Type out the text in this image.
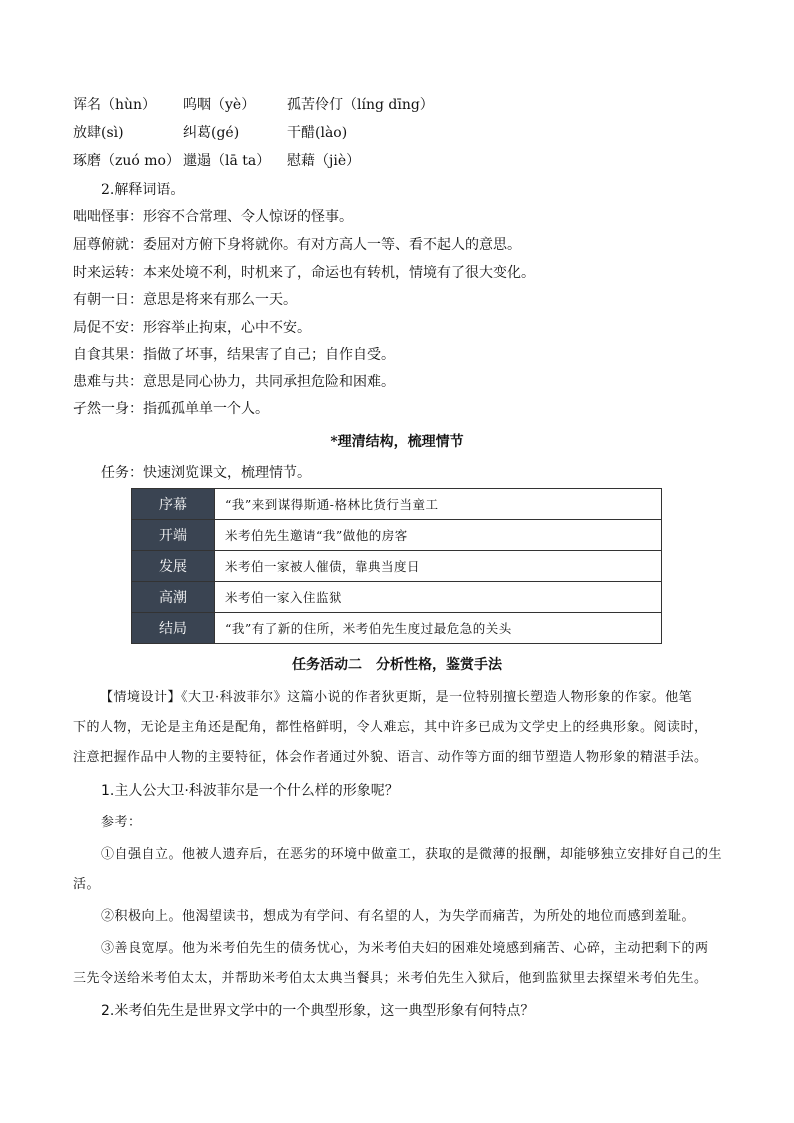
诨名（hùn） 呜咽（yè） 孤苦伶仃（líng dīng）
放肆(sì)	纠葛(gé)	干醋(lào)
琢磨（zuó mo） 邋遢（lā ta） 慰藉（jiè）
2.解释词语。
咄咄怪事：形容不合常理、令人惊讶的怪事。
屈尊俯就：委屈对方俯下身将就你。有对方高人一等、看不起人的意思。
时来运转：本来处境不利，时机来了，命运也有转机，情境有了很大变化。
有朝一日：意思是将来有那么一天。
局促不安：形容举止拘束，心中不安。
自食其果：指做了坏事，结果害了自己；自作自受。
患难与共：意思是同心协力，共同承担危险和困难。
孑然一身：指孤孤单单一个人。
*理清结构，梳理情节
任务：快速浏览课文，梳理情节。
序幕	“我”来到谋得斯通-格林比货行当童工
开端	米考伯先生邀请“我”做他的房客
发展	米考伯一家被人催债，靠典当度日
高潮	米考伯一家入住监狱
结局	“我”有了新的住所，米考伯先生度过最危急的关头
任务活动二　分析性格，鉴赏手法
【情境设计】《大卫·科波菲尔》这篇小说的作者狄更斯，是一位特别擅长塑造人物形象的作家。他笔
下的人物，无论是主角还是配角，都性格鲜明，令人难忘，其中许多已成为文学史上的经典形象。阅读时，
注意把握作品中人物的主要特征，体会作者通过外貌、语言、动作等方面的细节塑造人物形象的精湛手法。
1.主人公大卫·科波菲尔是一个什么样的形象呢？
参考：
①自强自立。他被人遗弃后，在恶劣的环境中做童工，获取的是微薄的报酬，却能够独立安排好自己的生
活。
②积极向上。他渴望读书，想成为有学问、有名望的人，为失学而痛苦，为所处的地位而感到羞耻。
③善良宽厚。他为米考伯先生的债务忧心，为米考伯夫妇的困难处境感到痛苦、心碎，主动把剩下的两
三先令送给米考伯太太，并帮助米考伯太太典当餐具；米考伯先生入狱后，他到监狱里去探望米考伯先生。
2.米考伯先生是世界文学中的一个典型形象，这一典型形象有何特点？
